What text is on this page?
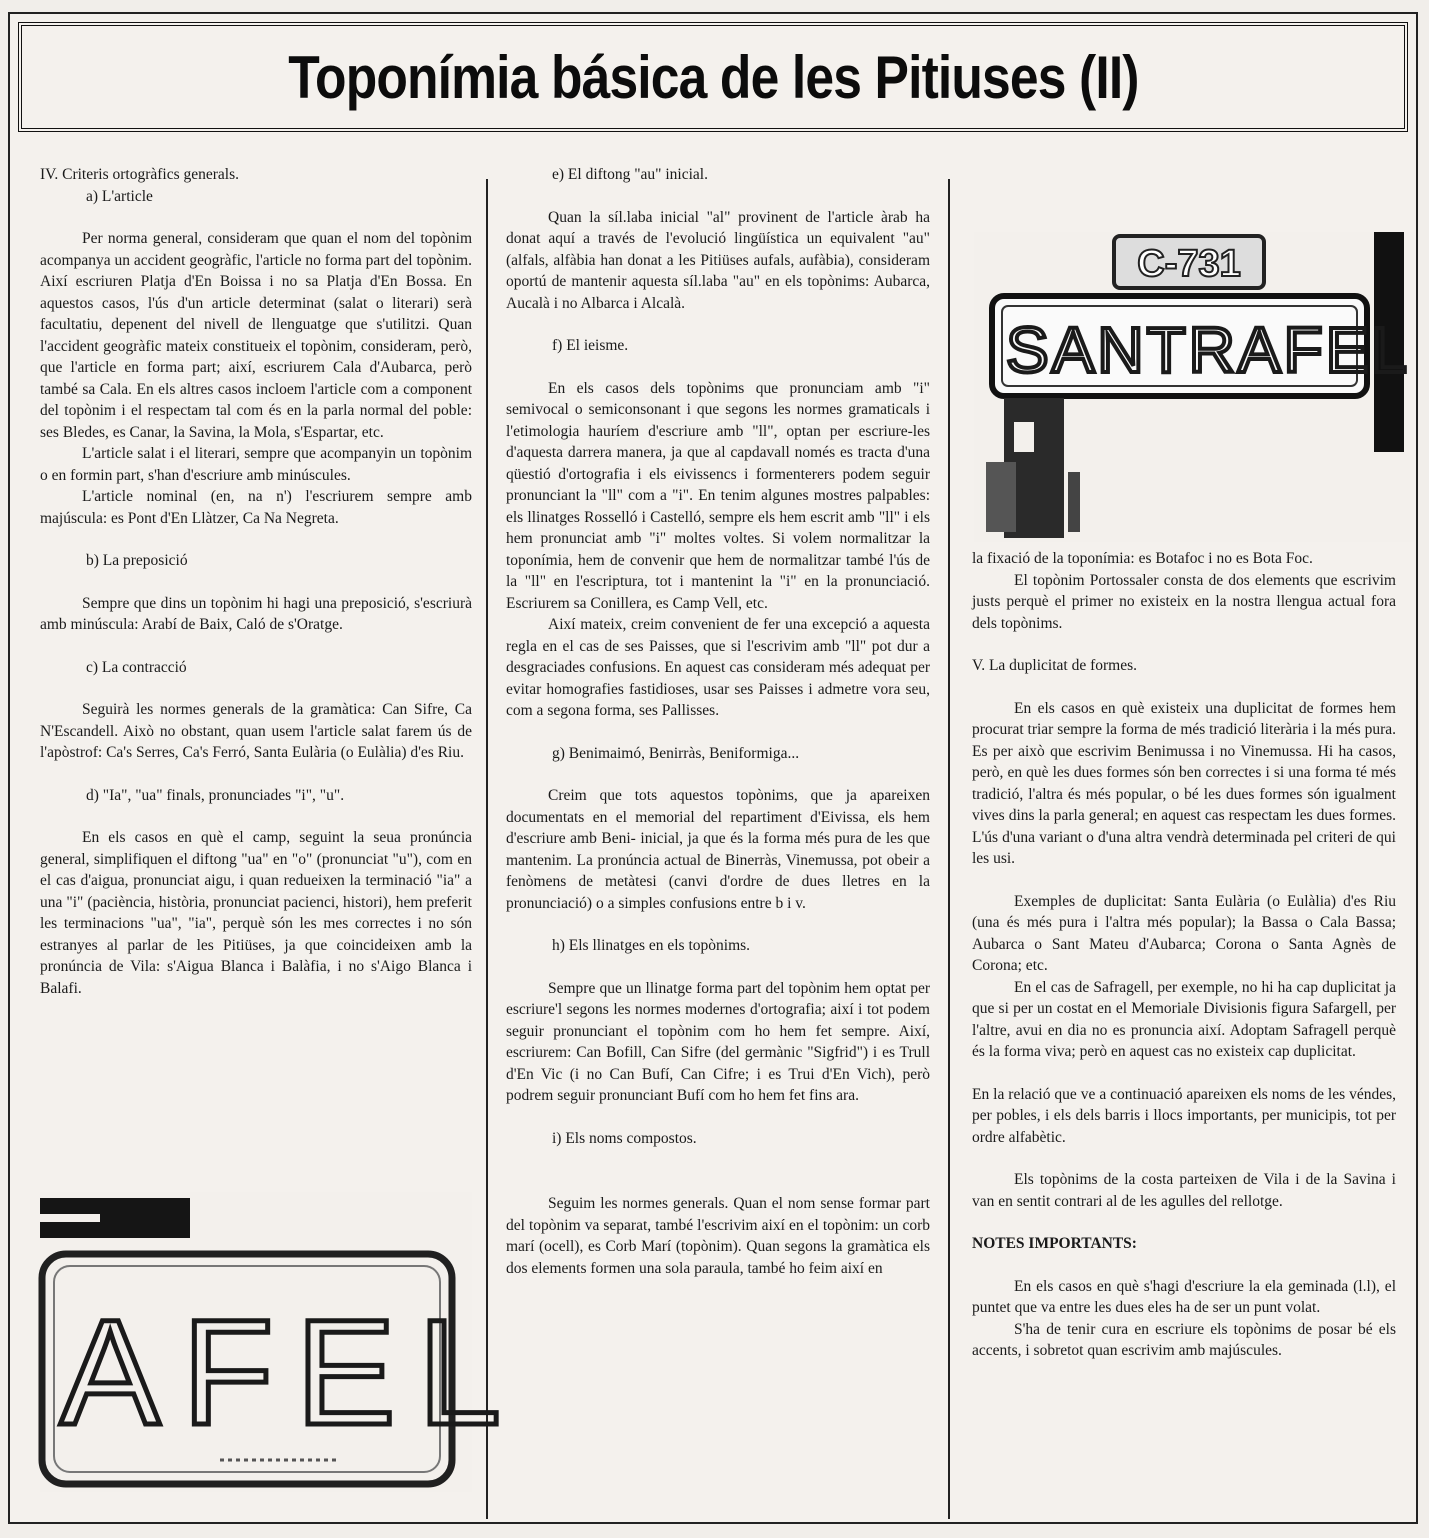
Toponímia básica de les Pitiuses (II)

IV. Criteris ortogràfics generals.

a) L'article

Per norma general, consideram que quan el nom del topònim acompanya un accident geogràfic, l'article no forma part del topònim. Així escriuren Platja d'En Boissa i no sa Platja d'En Bossa. En aquestos casos, l'ús d'un article determinat (salat o literari) serà facultatiu, depenent del nivell de llenguatge que s'utilitzi. Quan l'accident geogràfic mateix constitueix el topònim, consideram, però, que l'article en forma part; així, escriurem Cala d'Aubarca, però també sa Cala. En els altres casos incloem l'article com a component del topònim i el respectam tal com és en la parla normal del poble: ses Bledes, es Canar, la Savina, la Mola, s'Espartar, etc.

L'article salat i el literari, sempre que acompanyin un topònim o en formin part, s'han d'escriure amb minúscules.

L'article nominal (en, na n') l'escriurem sempre amb majúscula: es Pont d'En Llàtzer, Ca Na Negreta.

b) La preposició

Sempre que dins un topònim hi hagi una preposició, s'escriurà amb minúscula: Arabí de Baix, Caló de s'Oratge.

c) La contracció

Seguirà les normes generals de la gramàtica: Can Sifre, Ca N'Escandell. Això no obstant, quan usem l'article salat farem ús de l'apòstrof: Ca's Serres, Ca's Ferró, Santa Eulària (o Eulàlia) d'es Riu.

d) "Ia", "ua" finals, pronunciades "i", "u".

En els casos en què el camp, seguint la seua pronúncia general, simplifiquen el diftong "ua" en "o" (pronunciat "u"), com en el cas d'aigua, pronunciat aigu, i quan redueixen la terminació "ia" a una "i" (paciència, història, pronunciat pacienci, histori), hem preferit les terminacions "ua", "ia", perquè són les mes correctes i no són estranyes al parlar de les Pitiüses, ja que coincideixen amb la pronúncia de Vila: s'Aigua Blanca i Balàfia, i no s'Aigo Blanca i Balafi.

AFEL

e) El diftong "au" inicial.

Quan la síl.laba inicial "al" provinent de l'article àrab ha donat aquí a través de l'evolució lingüística un equivalent "au" (alfals, alfàbia han donat a les Pitiüses aufals, aufàbia), consideram oportú de mantenir aquesta síl.laba "au" en els topònims: Aubarca, Aucalà i no Albarca i Alcalà.

f) El ieisme.

En els casos dels topònims que pronunciam amb "i" semivocal o semiconsonant i que segons les normes gramaticals i l'etimologia hauríem d'escriure amb "ll", optan per escriure-les d'aquesta darrera manera, ja que al capdavall només es tracta d'una qüestió d'ortografia i els eivissencs i formenterers podem seguir pronunciant la "ll" com a "i". En tenim algunes mostres palpables: els llinatges Rosselló i Castelló, sempre els hem escrit amb "ll" i els hem pronunciat amb "i" moltes voltes. Si volem normalitzar la toponímia, hem de convenir que hem de normalitzar també l'ús de la "ll" en l'escriptura, tot i mantenint la "i" en la pronunciació. Escriurem sa Conillera, es Camp Vell, etc.

Així mateix, creim convenient de fer una excepció a aquesta regla en el cas de ses Paisses, que si l'escrivim amb "ll" pot dur a desgraciades confusions. En aquest cas consideram més adequat per evitar homografies fastidioses, usar ses Paisses i admetre vora seu, com a segona forma, ses Pallisses.

g) Benimaimó, Benirràs, Beniformiga...

Creim que tots aquestos topònims, que ja apareixen documentats en el memorial del repartiment d'Eivissa, els hem d'escriure amb Beni- inicial, ja que és la forma més pura de les que mantenim. La pronúncia actual de Binerràs, Vinemussa, pot obeir a fenòmens de metàtesi (canvi d'ordre de dues lletres en la pronunciació) o a simples confusions entre b i v.

h) Els llinatges en els topònims.

Sempre que un llinatge forma part del topònim hem optat per escriure'l segons les normes modernes d'ortografia; així i tot podem seguir pronunciant el topònim com ho hem fet sempre. Així, escriurem: Can Bofill, Can Sifre (del germànic "Sigfrid") i es Trull d'En Vic (i no Can Bufí, Can Cifre; i es Trui d'En Vich), però podrem seguir pronunciant Bufí com ho hem fet fins ara.

i) Els noms compostos.

Seguim les normes generals. Quan el nom sense formar part del topònim va separat, també l'escrivim així en el topònim: un corb marí (ocell), es Corb Marí (topònim). Quan segons la gramàtica els dos elements formen una sola paraula, també ho feim així en

C-731
SANTRAFEL

la fixació de la toponímia: es Botafoc i no es Bota Foc.

El topònim Portossaler consta de dos elements que escrivim justs perquè el primer no existeix en la nostra llengua actual fora dels topònims.

V. La duplicitat de formes.

En els casos en què existeix una duplicitat de formes hem procurat triar sempre la forma de més tradició literària i la més pura. Es per això que escrivim Benimussa i no Vinemussa. Hi ha casos, però, en què les dues formes són ben correctes i si una forma té més tradició, l'altra és més popular, o bé les dues formes són igualment vives dins la parla general; en aquest cas respectam les dues formes. L'ús d'una variant o d'una altra vendrà determinada pel criteri de qui les usi.

Exemples de duplicitat: Santa Eulària (o Eulàlia) d'es Riu (una és més pura i l'altra més popular); la Bassa o Cala Bassa; Aubarca o Sant Mateu d'Aubarca; Corona o Santa Agnès de Corona; etc.

En el cas de Safragell, per exemple, no hi ha cap duplicitat ja que si per un costat en el Memoriale Divisionis figura Safargell, per l'altre, avui en dia no es pronuncia així. Adoptam Safragell perquè és la forma viva; però en aquest cas no existeix cap duplicitat.

En la relació que ve a continuació apareixen els noms de les véndes, per pobles, i els dels barris i llocs importants, per municipis, tot per ordre alfabètic.

Els topònims de la costa parteixen de Vila i de la Savina i van en sentit contrari al de les agulles del rellotge.

NOTES IMPORTANTS:

En els casos en què s'hagi d'escriure la ela geminada (l.l), el puntet que va entre les dues eles ha de ser un punt volat.

S'ha de tenir cura en escriure els topònims de posar bé els accents, i sobretot quan escrivim amb majúscules.
